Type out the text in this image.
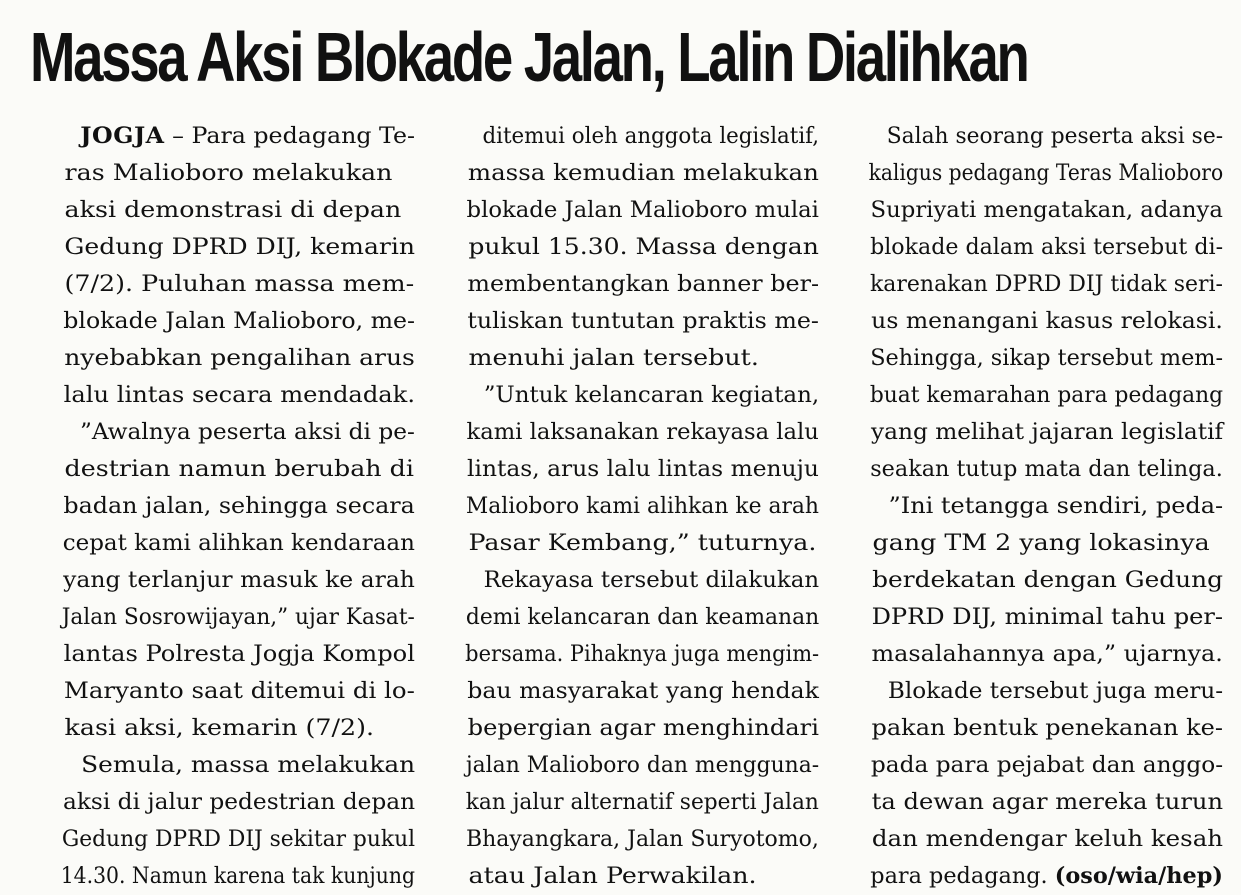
Massa Aksi Blokade Jalan, Lalin Dialihkan
JOGJA – Para pedagang Te-
ras Malioboro melakukan
aksi demonstrasi di depan
Gedung DPRD DIJ, kemarin
(7/2). Puluhan massa mem-
blokade Jalan Malioboro, me-
nyebabkan pengalihan arus
lalu lintas secara mendadak.
”Awalnya peserta aksi di pe-
destrian namun berubah di
badan jalan, sehingga secara
cepat kami alihkan kendaraan
yang terlanjur masuk ke arah
Jalan Sosrowijayan,” ujar Kasat-
lantas Polresta Jogja Kompol
Maryanto saat ditemui di lo-
kasi aksi, kemarin (7/2).
Semula, massa melakukan
aksi di jalur pedestrian depan
Gedung DPRD DIJ sekitar pukul
14.30. Namun karena tak kunjung
ditemui oleh anggota legislatif,
massa kemudian melakukan
blokade Jalan Malioboro mulai
pukul 15.30. Massa dengan
membentangkan banner ber-
tuliskan tuntutan praktis me-
menuhi jalan tersebut.
”Untuk kelancaran kegiatan,
kami laksanakan rekayasa lalu
lintas, arus lalu lintas menuju
Malioboro kami alihkan ke arah
Pasar Kembang,” tuturnya.
Rekayasa tersebut dilakukan
demi kelancaran dan keamanan
bersama. Pihaknya juga mengim-
bau masyarakat yang hendak
bepergian agar menghindari
jalan Malioboro dan mengguna-
kan jalur alternatif seperti Jalan
Bhayangkara, Jalan Suryotomo,
atau Jalan Perwakilan.
Salah seorang peserta aksi se-
kaligus pedagang Teras Malioboro
Supriyati mengatakan, adanya
blokade dalam aksi tersebut di-
karenakan DPRD DIJ tidak seri-
us menangani kasus relokasi.
Sehingga, sikap tersebut mem-
buat kemarahan para pedagang
yang melihat jajaran legislatif
seakan tutup mata dan telinga.
”Ini tetangga sendiri, peda-
gang TM 2 yang lokasinya
berdekatan dengan Gedung
DPRD DIJ, minimal tahu per-
masalahannya apa,” ujarnya.
Blokade tersebut juga meru-
pakan bentuk penekanan ke-
pada para pejabat dan anggo-
ta dewan agar mereka turun
dan mendengar keluh kesah
para pedagang. (oso/wia/hep)
